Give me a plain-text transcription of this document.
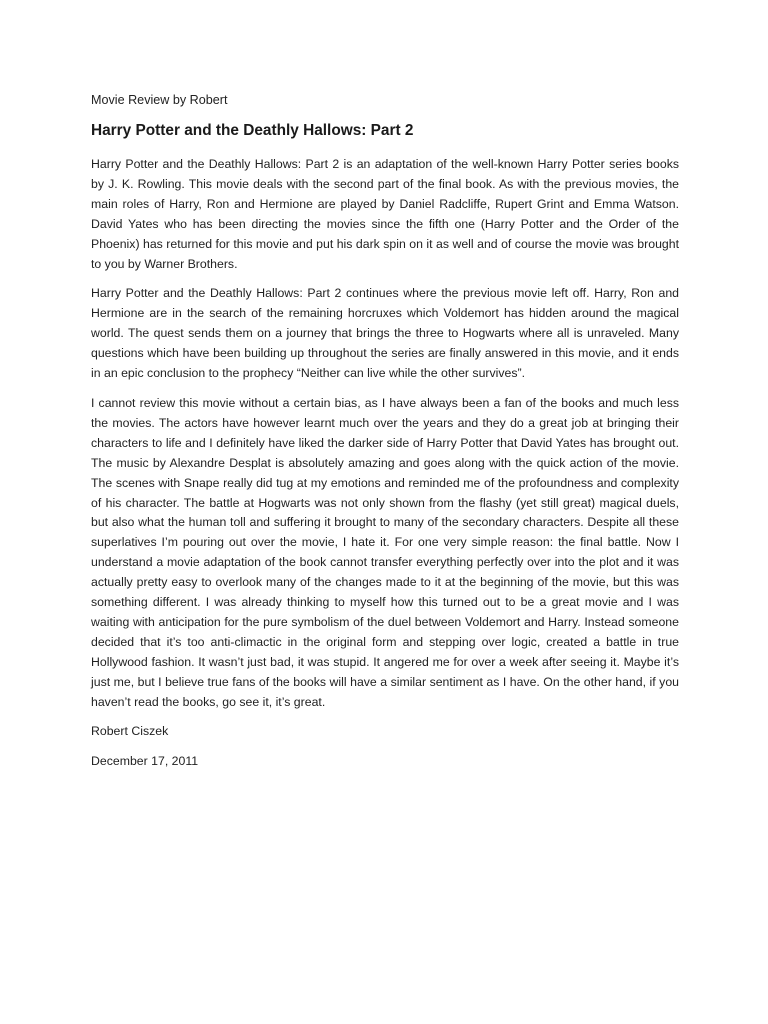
Movie Review by Robert

Harry Potter and the Deathly Hallows: Part 2

Harry Potter and the Deathly Hallows: Part 2 is an adaptation of the well-known Harry Potter series books by J. K. Rowling. This movie deals with the second part of the final book. As with the previous movies, the main roles of Harry, Ron and Hermione are played by Daniel Radcliffe, Rupert Grint and Emma Watson. David Yates who has been directing the movies since the fifth one (Harry Potter and the Order of the Phoenix) has returned for this movie and put his dark spin on it as well and of course the movie was brought to you by Warner Brothers.

Harry Potter and the Deathly Hallows: Part 2 continues where the previous movie left off. Harry, Ron and Hermione are in the search of the remaining horcruxes which Voldemort has hidden around the magical world. The quest sends them on a journey that brings the three to Hogwarts where all is unraveled. Many questions which have been building up throughout the series are finally answered in this movie, and it ends in an epic conclusion to the prophecy “Neither can live while the other survives”.

I cannot review this movie without a certain bias, as I have always been a fan of the books and much less the movies. The actors have however learnt much over the years and they do a great job at bringing their characters to life and I definitely have liked the darker side of Harry Potter that David Yates has brought out. The music by Alexandre Desplat is absolutely amazing and goes along with the quick action of the movie. The scenes with Snape really did tug at my emotions and reminded me of the profoundness and complexity of his character. The battle at Hogwarts was not only shown from the flashy (yet still great) magical duels, but also what the human toll and suffering it brought to many of the secondary characters. Despite all these superlatives I’m pouring out over the movie, I hate it. For one very simple reason: the final battle. Now I understand a movie adaptation of the book cannot transfer everything perfectly over into the plot and it was actually pretty easy to overlook many of the changes made to it at the beginning of the movie, but this was something different. I was already thinking to myself how this turned out to be a great movie and I was waiting with anticipation for the pure symbolism of the duel between Voldemort and Harry. Instead someone decided that it’s too anti-climactic in the original form and stepping over logic, created a battle in true Hollywood fashion. It wasn’t just bad, it was stupid. It angered me for over a week after seeing it. Maybe it’s just me, but I believe true fans of the books will have a similar sentiment as I have. On the other hand, if you haven’t read the books, go see it, it’s great.

Robert Ciszek

December 17, 2011
